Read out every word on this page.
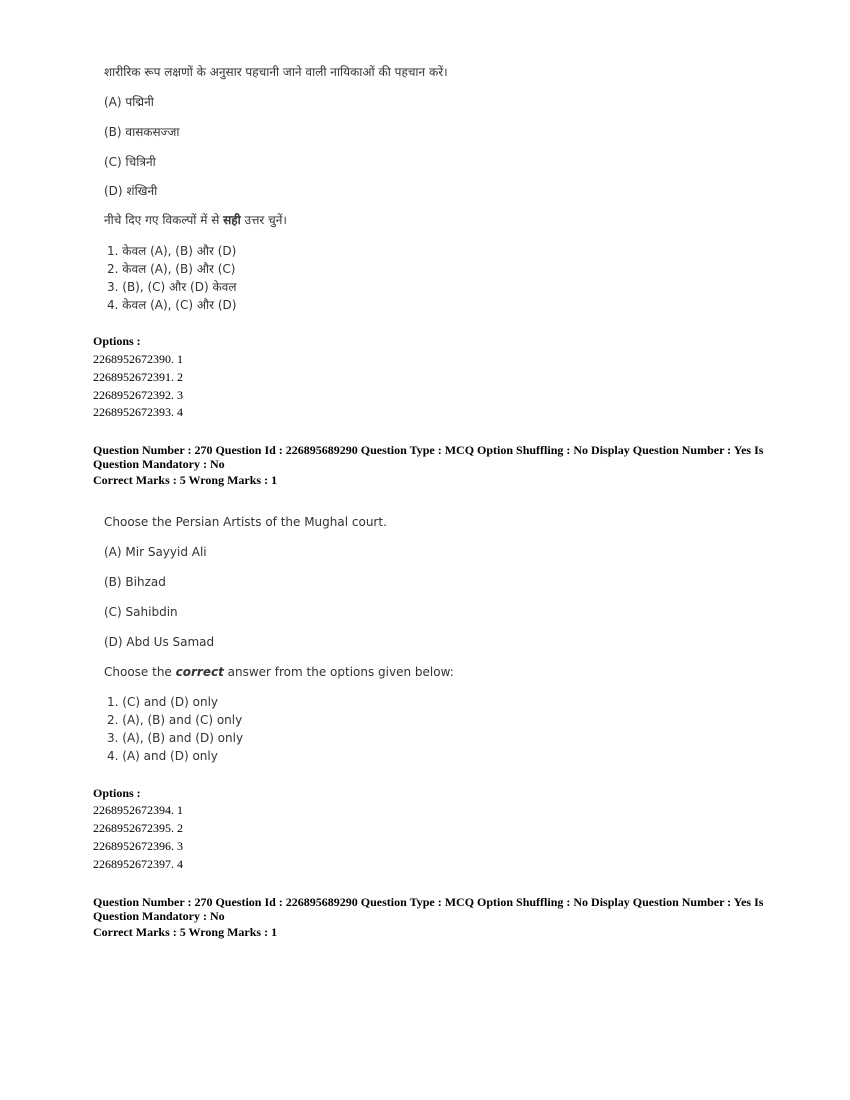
शारीरिक रूप लक्षणों के अनुसार पहचानी जाने वाली नायिकाओं की पहचान करें।
(A) पद्मिनी
(B) वासकसज्जा
(C) चित्रिनी
(D) शंखिनी
नीचे दिए गए विकल्पों में से सही उत्तर चुनें।
1. केवल (A), (B) और (D)
2. केवल (A), (B) और (C)
3. (B), (C) और (D) केवल
4. केवल (A), (C) और (D)
Options :
2268952672390. 1
2268952672391. 2
2268952672392. 3
2268952672393. 4
Question Number : 270 Question Id : 226895689290 Question Type : MCQ Option Shuffling : No Display Question Number : Yes Is Question Mandatory : No
Correct Marks : 5 Wrong Marks : 1
Choose the Persian Artists of the Mughal court.
(A) Mir Sayyid Ali
(B) Bihzad
(C) Sahibdin
(D) Abd Us Samad
Choose the correct answer from the options given below:
1. (C) and (D) only
2. (A), (B) and (C) only
3. (A), (B) and (D) only
4. (A) and (D) only
Options :
2268952672394. 1
2268952672395. 2
2268952672396. 3
2268952672397. 4
Question Number : 270 Question Id : 226895689290 Question Type : MCQ Option Shuffling : No Display Question Number : Yes Is Question Mandatory : No
Correct Marks : 5 Wrong Marks : 1
